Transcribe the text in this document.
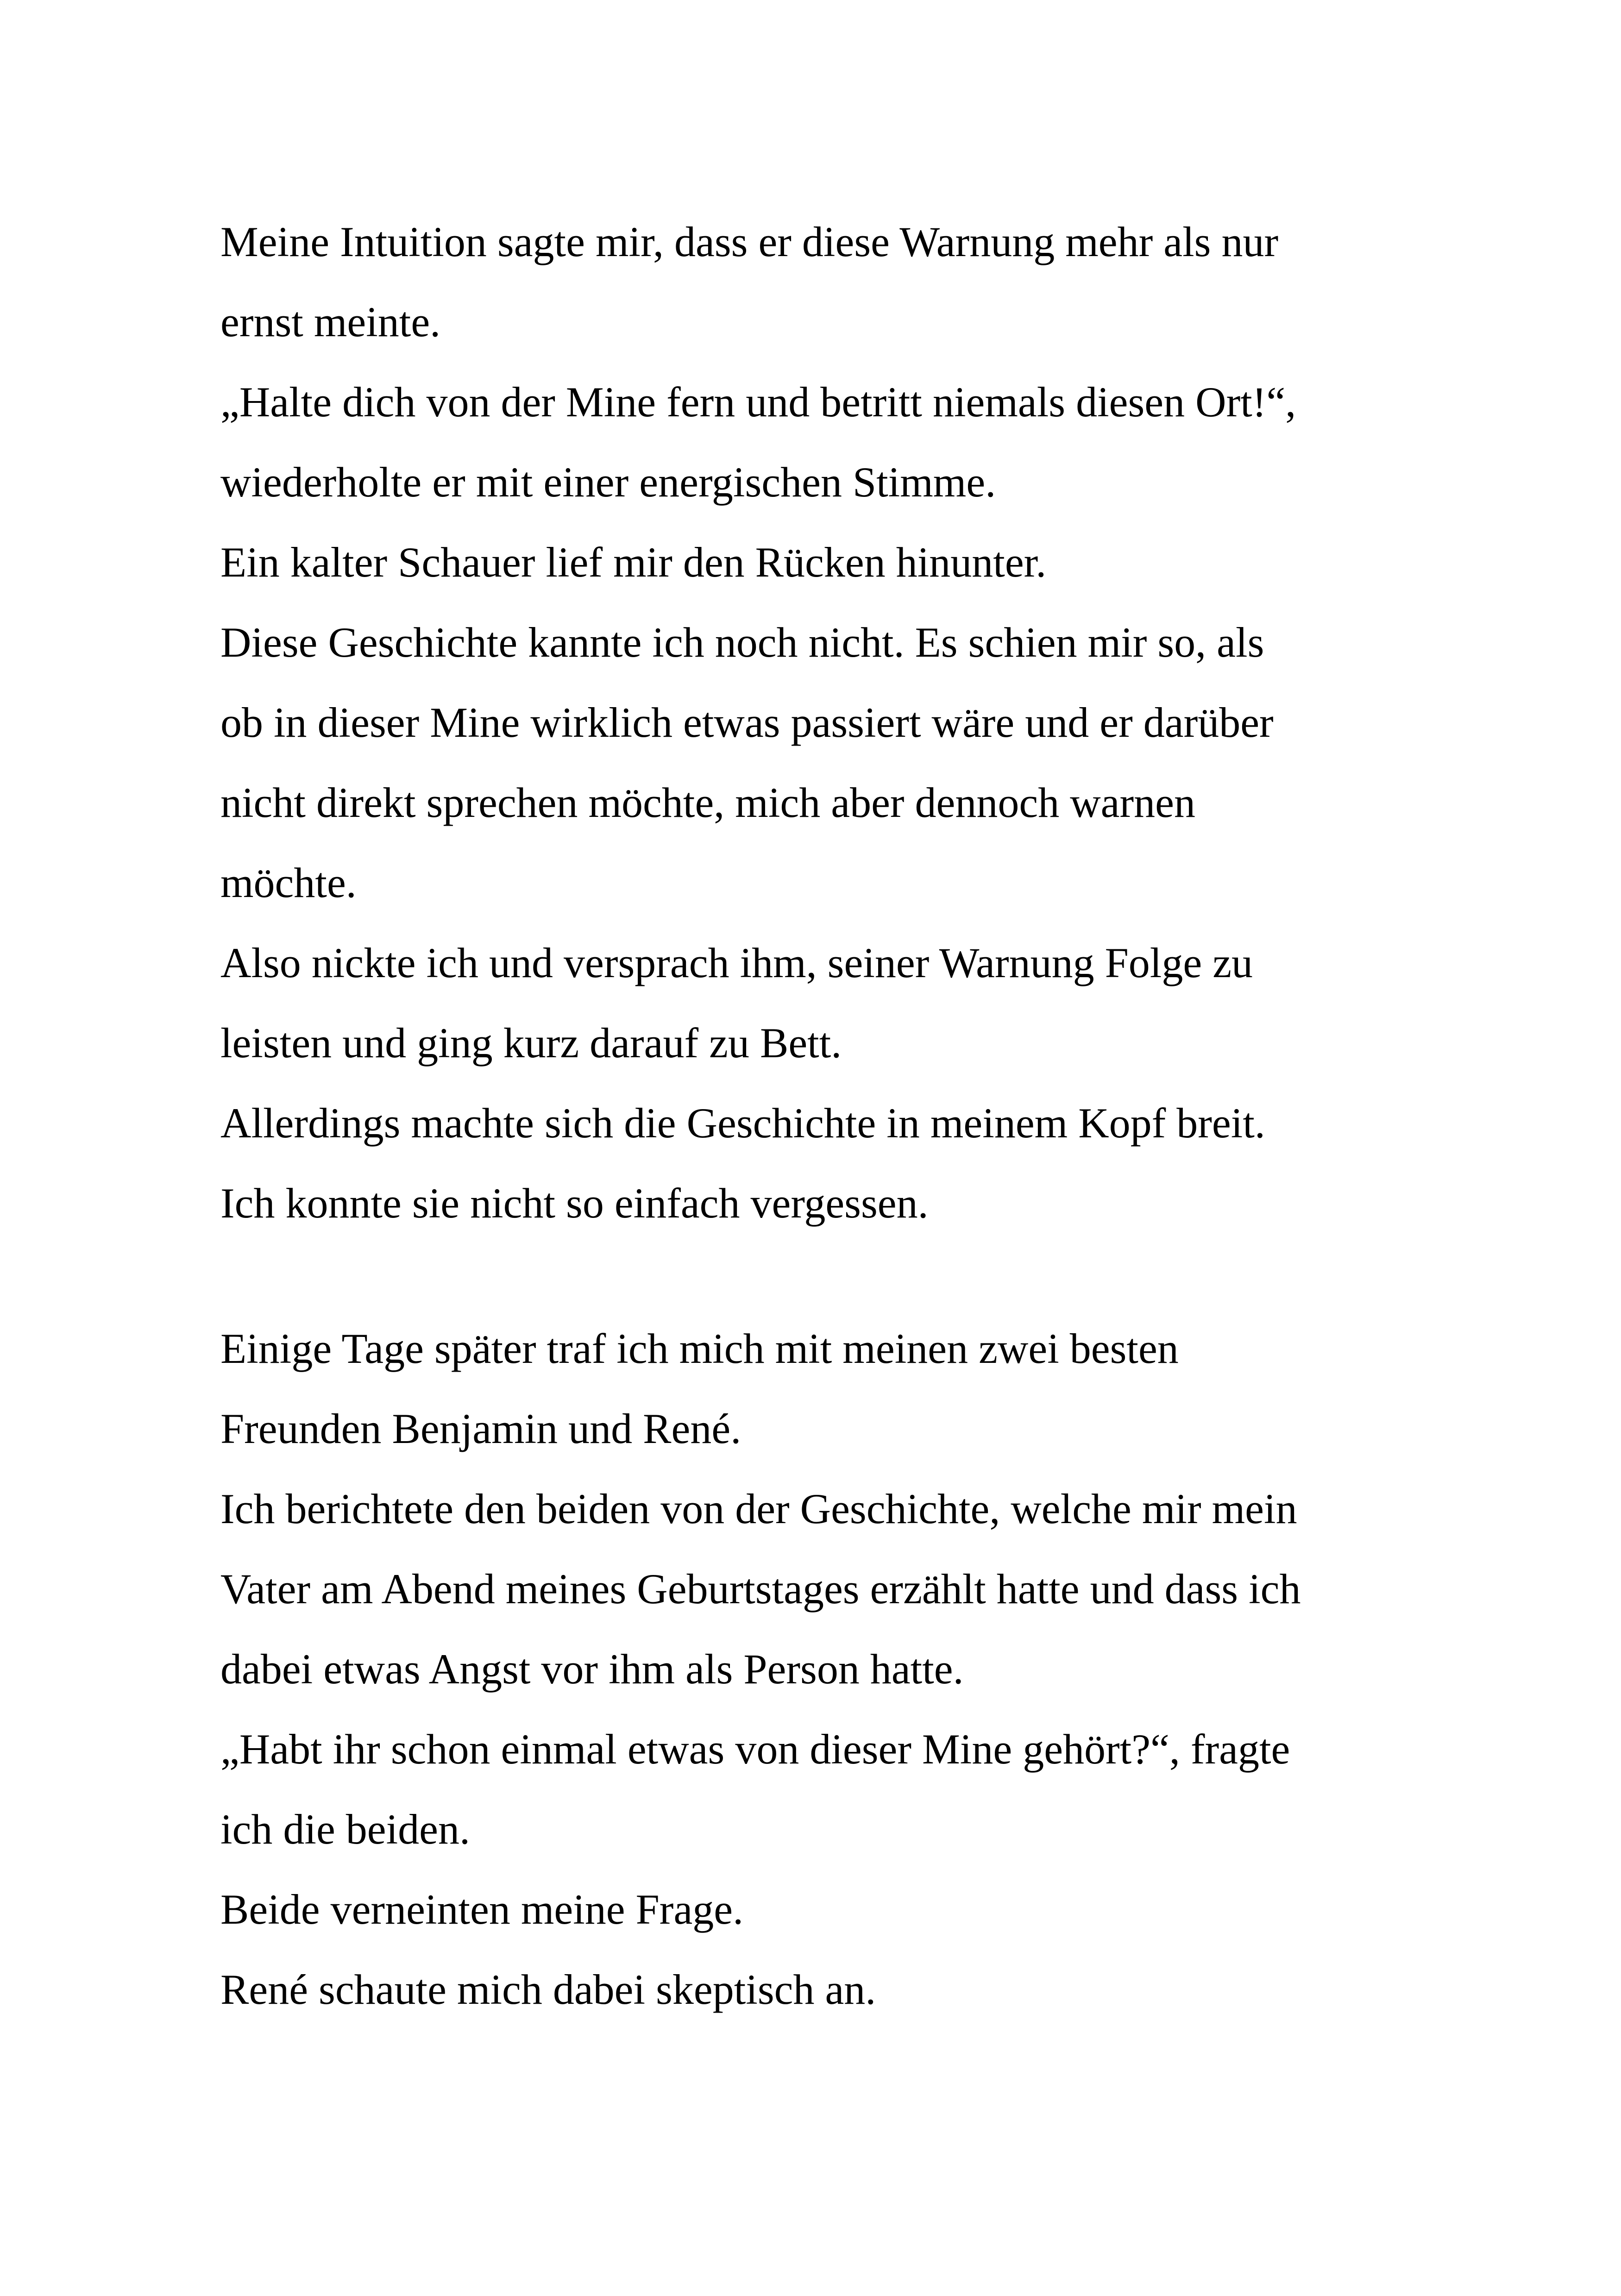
Meine Intuition sagte mir, dass er diese Warnung mehr als nur
ernst meinte.
„Halte dich von der Mine fern und betritt niemals diesen Ort!“,
wiederholte er mit einer energischen Stimme.
Ein kalter Schauer lief mir den Rücken hinunter.
Diese Geschichte kannte ich noch nicht. Es schien mir so, als
ob in dieser Mine wirklich etwas passiert wäre und er darüber
nicht direkt sprechen möchte, mich aber dennoch warnen
möchte.
Also nickte ich und versprach ihm, seiner Warnung Folge zu
leisten und ging kurz darauf zu Bett.
Allerdings machte sich die Geschichte in meinem Kopf breit.
Ich konnte sie nicht so einfach vergessen.
Einige Tage später traf ich mich mit meinen zwei besten
Freunden Benjamin und René.
Ich berichtete den beiden von der Geschichte, welche mir mein
Vater am Abend meines Geburtstages erzählt hatte und dass ich
dabei etwas Angst vor ihm als Person hatte.
„Habt ihr schon einmal etwas von dieser Mine gehört?“, fragte
ich die beiden.
Beide verneinten meine Frage.
René schaute mich dabei skeptisch an.
